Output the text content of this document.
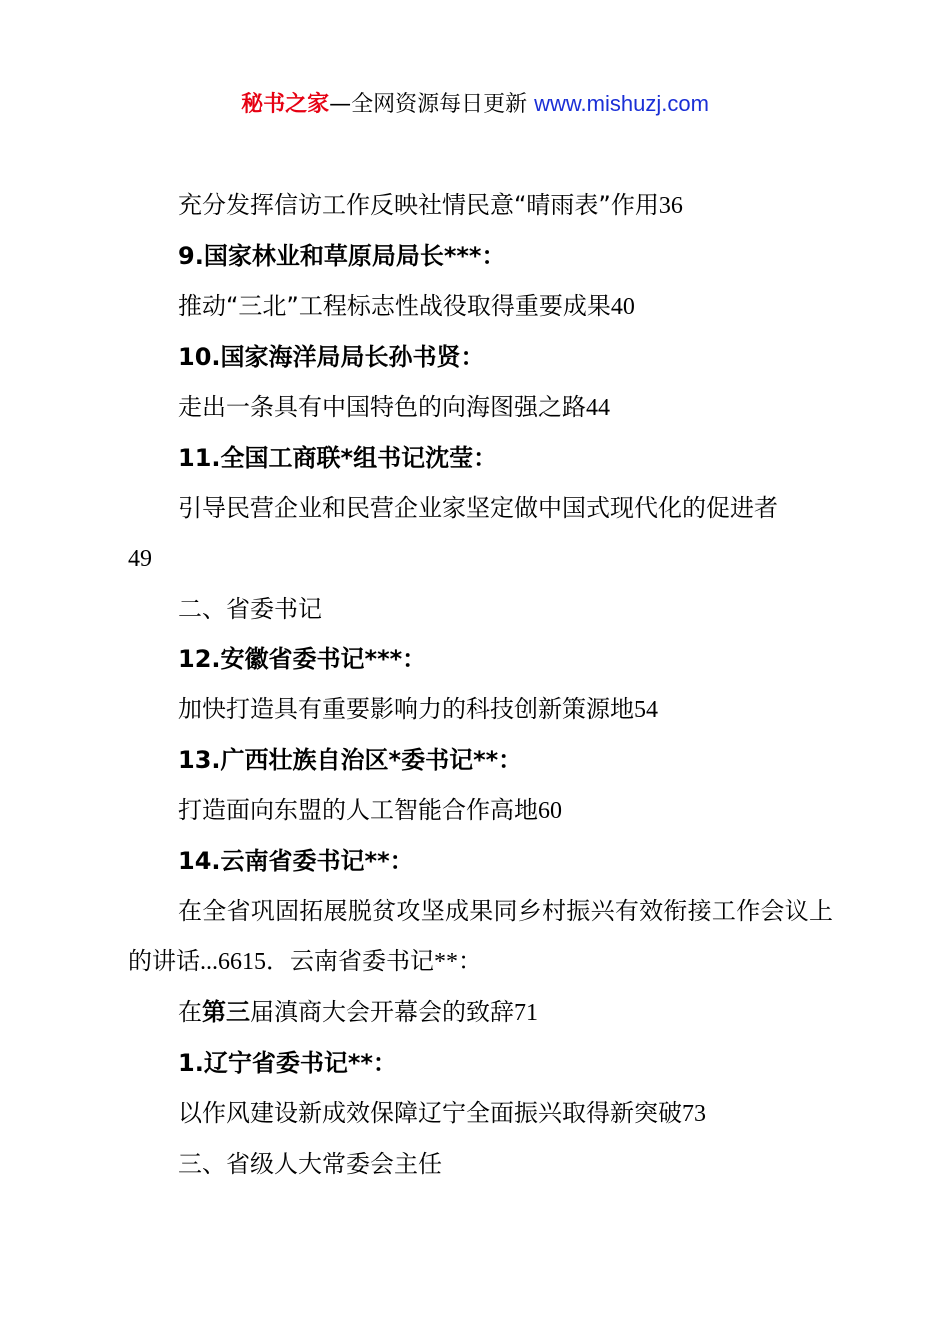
秘书之家—全网资源每日更新 www.mishuzj.com
充分发挥信访工作反映社情民意“晴雨表”作用36
9.国家林业和草原局局长***：
推动“三北”工程标志性战役取得重要成果40
10.国家海洋局局长孙书贤：
走出一条具有中国特色的向海图强之路44
11.全国工商联*组书记沈莹：
引导民营企业和民营企业家坚定做中国式现代化的促进者
49
二、省委书记
12.安徽省委书记***：
加快打造具有重要影响力的科技创新策源地54
13.广西壮族自治区*委书记**：
打造面向东盟的人工智能合作高地60
14.云南省委书记**：
在全省巩固拓展脱贫攻坚成果同乡村振兴有效衔接工作会议上的讲话...6615．云南省委书记**：
在第三届滇商大会开幕会的致辞71
1.辽宁省委书记**：
以作风建设新成效保障辽宁全面振兴取得新突破73
三、省级人大常委会主任
